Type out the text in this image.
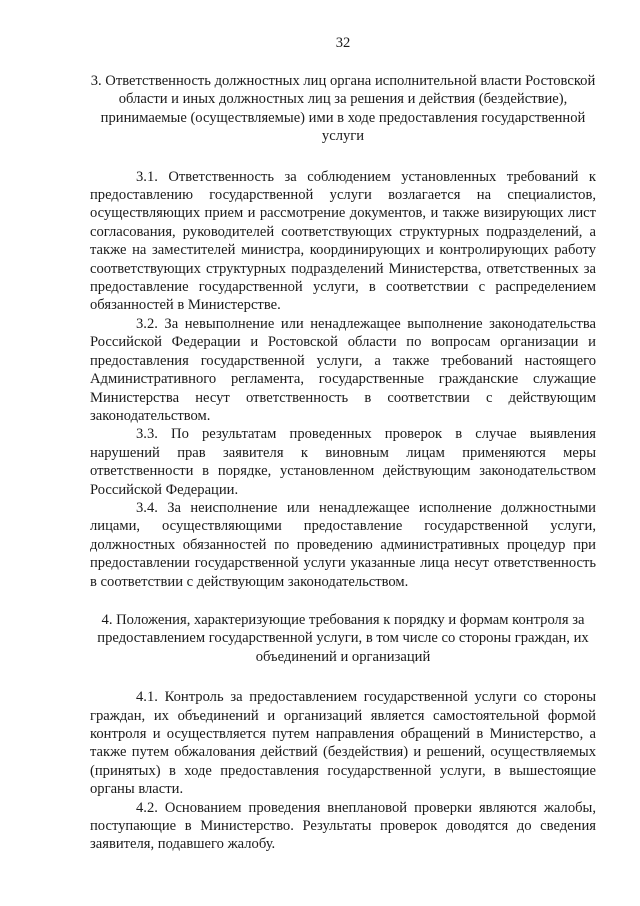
32

3. Ответственность должностных лиц органа исполнительной власти Ростовской области и иных должностных лиц за решения и действия (бездействие), принимаемые (осуществляемые) ими в ходе предоставления государственной услуги

3.1. Ответственность за соблюдением установленных требований к предоставлению государственной услуги возлагается на специалистов, осуществляющих прием и рассмотрение документов, и также визирующих лист согласования, руководителей соответствующих структурных подразделений, а также на заместителей министра, координирующих и контролирующих работу соответствующих структурных подразделений Министерства, ответственных за предоставление государственной услуги, в соответствии с распределением обязанностей в Министерстве.

3.2. За невыполнение или ненадлежащее выполнение законодательства Российской Федерации и Ростовской области по вопросам организации и предоставления государственной услуги, а также требований настоящего Административного регламента, государственные гражданские служащие Министерства несут ответственность в соответствии с действующим законодательством.

3.3. По результатам проведенных проверок в случае выявления нарушений прав заявителя к виновным лицам применяются меры ответственности в порядке, установленном действующим законодательством Российской Федерации.

3.4. За неисполнение или ненадлежащее исполнение должностными лицами, осуществляющими предоставление государственной услуги, должностных обязанностей по проведению административных процедур при предоставлении государственной услуги указанные лица несут ответственность в соответствии с действующим законодательством.

4. Положения, характеризующие требования к порядку и формам контроля за предоставлением государственной услуги, в том числе со стороны граждан, их объединений и организаций

4.1. Контроль за предоставлением государственной услуги со стороны граждан, их объединений и организаций является самостоятельной формой контроля и осуществляется путем направления обращений в Министерство, а также путем обжалования действий (бездействия) и решений, осуществляемых (принятых) в ходе предоставления государственной услуги, в вышестоящие органы власти.

4.2. Основанием проведения внеплановой проверки являются жалобы, поступающие в Министерство. Результаты проверок доводятся до сведения заявителя, подавшего жалобу.
